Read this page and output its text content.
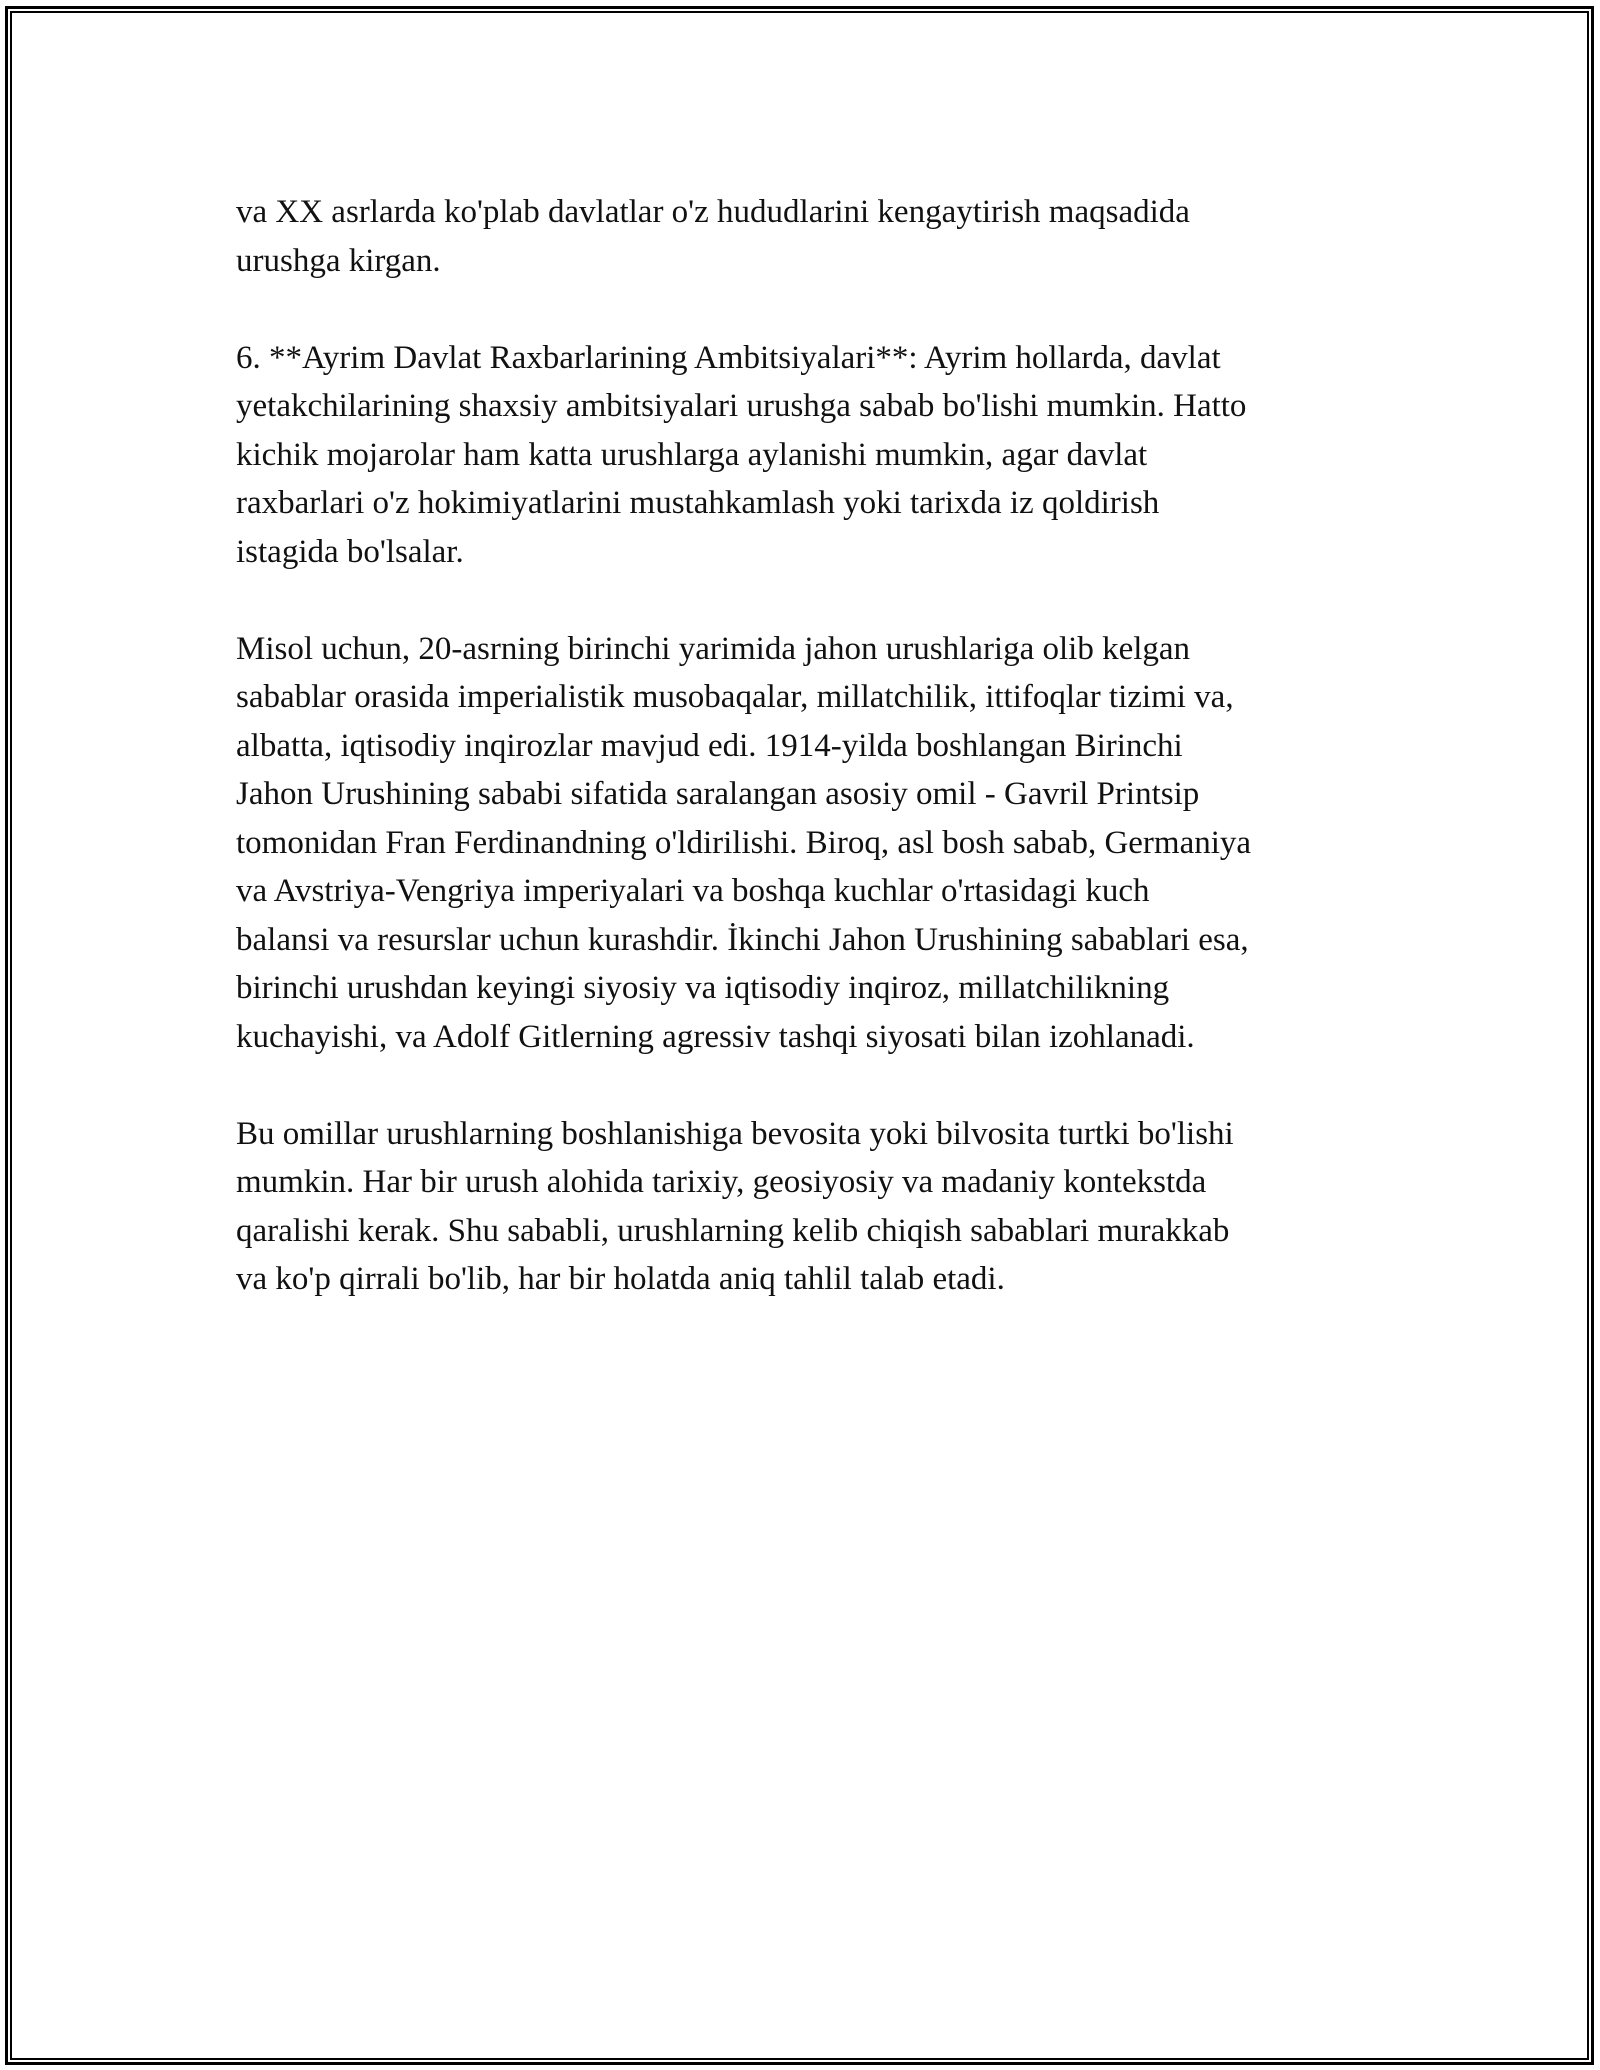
va XX asrlarda ko'plab davlatlar o'z hududlarini kengaytirish maqsadida
urushga kirgan.

6. **Ayrim Davlat Raxbarlarining Ambitsiyalari**: Ayrim hollarda, davlat
yetakchilarining shaxsiy ambitsiyalari urushga sabab bo'lishi mumkin. Hatto
kichik mojarolar ham katta urushlarga aylanishi mumkin, agar davlat
raxbarlari o'z hokimiyatlarini mustahkamlash yoki tarixda iz qoldirish
istagida bo'lsalar.

Misol uchun, 20-asrning birinchi yarimida jahon urushlariga olib kelgan
sabablar orasida imperialistik musobaqalar, millatchilik, ittifoqlar tizimi va,
albatta, iqtisodiy inqirozlar mavjud edi. 1914-yilda boshlangan Birinchi
Jahon Urushining sababi sifatida saralangan asosiy omil - Gavril Printsip
tomonidan Fran Ferdinandning o'ldirilishi. Biroq, asl bosh sabab, Germaniya
va Avstriya-Vengriya imperiyalari va boshqa kuchlar o'rtasidagi kuch
balansi va resurslar uchun kurashdir. İkinchi Jahon Urushining sabablari esa,
birinchi urushdan keyingi siyosiy va iqtisodiy inqiroz, millatchilikning
kuchayishi, va Adolf Gitlerning agressiv tashqi siyosati bilan izohlanadi.

Bu omillar urushlarning boshlanishiga bevosita yoki bilvosita turtki bo'lishi
mumkin. Har bir urush alohida tarixiy, geosiyosiy va madaniy kontekstda
qaralishi kerak. Shu sababli, urushlarning kelib chiqish sabablari murakkab
va ko'p qirrali bo'lib, har bir holatda aniq tahlil talab etadi.
